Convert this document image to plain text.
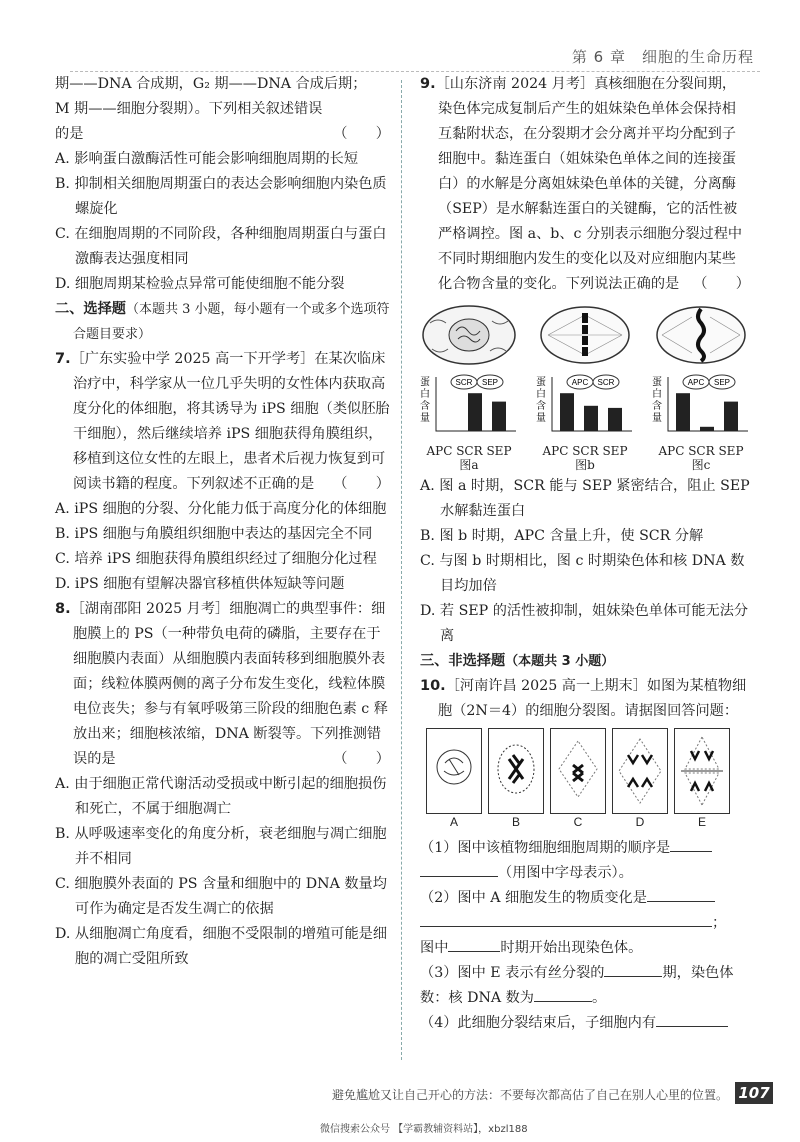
第 6 章　细胞的生命历程

期——DNA 合成期，G₂ 期——DNA 合成后期；

M 期——细胞分裂期）。下列相关叙述错误

的是	（　　）

A. 影响蛋白激酶活性可能会影响细胞周期的长短

B. 抑制相关细胞周期蛋白的表达会影响细胞内染色质螺旋化

C. 在细胞周期的不同阶段，各种细胞周期蛋白与蛋白激酶表达强度相同

D. 细胞周期某检验点异常可能使细胞不能分裂

二、选择题（本题共 3 小题，每小题有一个或多个选项符合题目要求）

7.［广东实验中学 2025 高一下开学考］在某次临床治疗中，科学家从一位几乎失明的女性体内获取高度分化的体细胞，将其诱导为 iPS 细胞（类似胚胎干细胞），然后继续培养 iPS 细胞获得角膜组织，移植到这位女性的左眼上，患者术后视力恢复到可阅读书籍的程度。下列叙述不正确的是 （　　）

A. iPS 细胞的分裂、分化能力低于高度分化的体细胞

B. iPS 细胞与角膜组织细胞中表达的基因完全不同

C. 培养 iPS 细胞获得角膜组织经过了细胞分化过程

D. iPS 细胞有望解决器官移植供体短缺等问题

8.［湖南邵阳 2025 月考］细胞凋亡的典型事件：细胞膜上的 PS（一种带负电荷的磷脂，主要存在于细胞膜内表面）从细胞膜内表面转移到细胞膜外表面；线粒体膜两侧的离子分布发生变化，线粒体膜电位丧失；参与有氧呼吸第三阶段的细胞色素 c 释放出来；细胞核浓缩，DNA 断裂等。下列推测错误的是	（　　）

A. 由于细胞正常代谢活动受损或中断引起的细胞损伤和死亡，不属于细胞凋亡

B. 从呼吸速率变化的角度分析，衰老细胞与凋亡细胞并不相同

C. 细胞膜外表面的 PS 含量和细胞中的 DNA 数量均可作为确定是否发生凋亡的依据

D. 从细胞凋亡角度看，细胞不受限制的增殖可能是细胞的凋亡受阻所致

9.［山东济南 2024 月考］真核细胞在分裂间期，染色体完成复制后产生的姐妹染色单体会保持相互黏附状态，在分裂期才会分离并平均分配到子细胞中。黏连蛋白（姐妹染色单体之间的连接蛋白）的水解是分离姐妹染色单体的关键，分离酶（SEP）是水解黏连蛋白的关键酶，它的活性被严格调控。图 a、b、c 分别表示细胞分裂过程中不同时期细胞内发生的变化以及对应细胞内某些化合物含量的变化。下列说法正确的是 （　　）

蛋
白
含
量
SCR SEP
APC SCR SEP
图a
蛋
白
含
量
APC SCR
APC SCR SEP
图b
蛋
白
含
量
APC SEP
APC SCR SEP
图c

A. 图 a 时期，SCR 能与 SEP 紧密结合，阻止 SEP 水解黏连蛋白

B. 图 b 时期，APC 含量上升，使 SCR 分解

C. 与图 b 时期相比，图 c 时期染色体和核 DNA 数目均加倍

D. 若 SEP 的活性被抑制，姐妹染色单体可能无法分离

三、非选择题（本题共 3 小题）

10.［河南许昌 2025 高一上期末］如图为某植物细胞（2N＝4）的细胞分裂图。请据图回答问题：

A	B	C	D	E

（1）图中该植物细胞细胞周期的顺序是

（用图中字母表示）。

（2）图中 A 细胞发生的物质变化是

；

图中	时期开始出现染色体。

（3）图中 E 表示有丝分裂的	期，染色体数：核 DNA 数为	。

（4）此细胞分裂结束后，子细胞内有

避免尴尬又让自己开心的方法：不要每次都高估了自己在别人心里的位置。 107
微信搜索公众号 【学霸教辅资料站】，xbzl188
